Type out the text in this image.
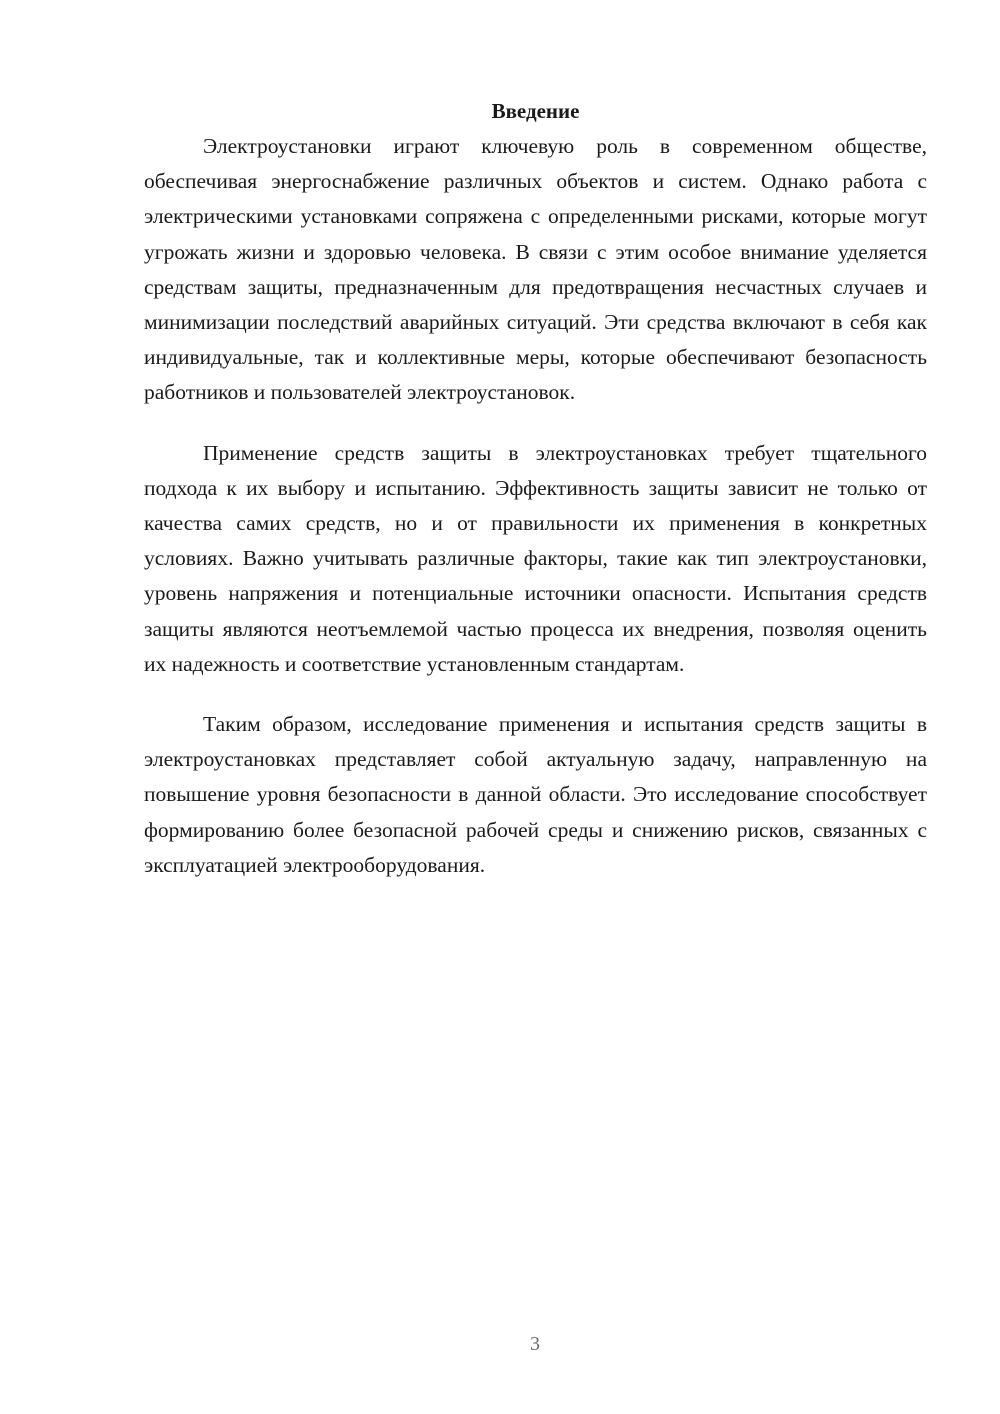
Введение

Электроустановки играют ключевую роль в современном обществе, обеспечивая энергоснабжение различных объектов и систем. Однако работа с электрическими установками сопряжена с определенными рисками, которые могут угрожать жизни и здоровью человека. В связи с этим особое внимание уделяется средствам защиты, предназначенным для предотвращения несчастных случаев и минимизации последствий аварийных ситуаций. Эти средства включают в себя как индивидуальные, так и коллективные меры, которые обеспечивают безопасность работников и пользователей электроустановок.

Применение средств защиты в электроустановках требует тщательного подхода к их выбору и испытанию. Эффективность защиты зависит не только от качества самих средств, но и от правильности их применения в конкретных условиях. Важно учитывать различные факторы, такие как тип электроустановки, уровень напряжения и потенциальные источники опасности. Испытания средств защиты являются неотъемлемой частью процесса их внедрения, позволяя оценить их надежность и соответствие установленным стандартам.

Таким образом, исследование применения и испытания средств защиты в электроустановках представляет собой актуальную задачу, направленную на повышение уровня безопасности в данной области. Это исследование способствует формированию более безопасной рабочей среды и снижению рисков, связанных с эксплуатацией электрооборудования.

3
